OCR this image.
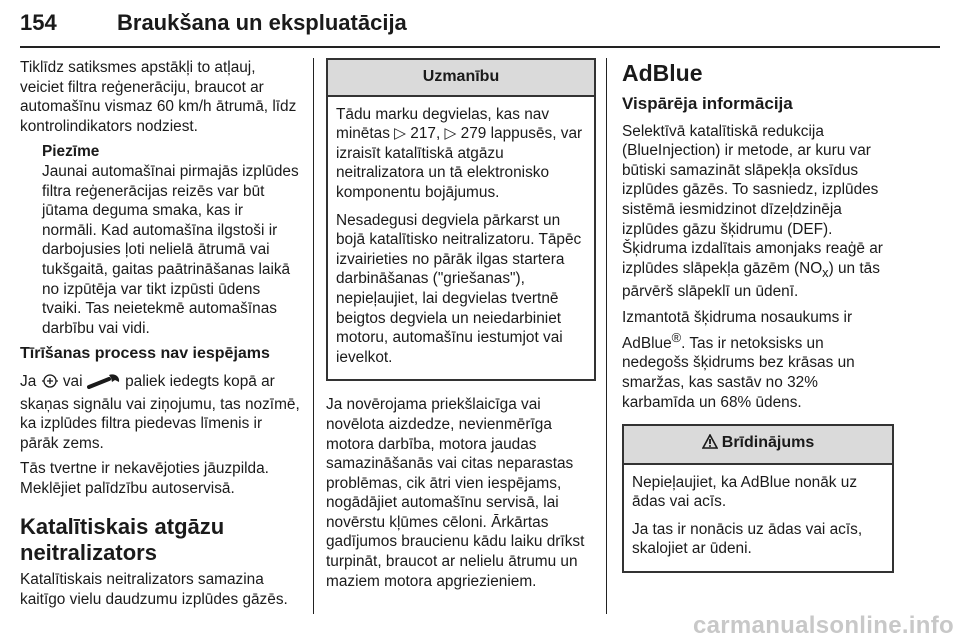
154	Braukšana un ekspluatācija

Tiklīdz satiksmes apstākļi to atļauj, veiciet filtra reģenerāciju, braucot ar automašīnu vismaz 60 km/h ātrumā, līdz kontrolindikators nodziest.

Piezīme

Jaunai automašīnai pirmajās izplūdes filtra reģenerācijas reizēs var būt jūtama deguma smaka, kas ir normāli. Kad automašīna ilgstoši ir darbojusies ļoti nelielā ātrumā vai tukšgaitā, gaitas paātrināšanas laikā no izpūtēja var tikt izpūsti ūdens tvaiki. Tas neietekmē automašīnas darbību vai vidi.

Tīrīšanas process nav iespējams

Ja vai	paliek iedegts kopā ar skaņas signālu vai ziņojumu, tas nozīmē, ka izplūdes filtra piedevas līmenis ir pārāk zems.

Tās tvertne ir nekavējoties jāuzpilda. Meklējiet palīdzību autoservisā.

Katalītiskais atgāzu neitralizators

Katalītiskais neitralizators samazina kaitīgo vielu daudzumu izplūdes gāzēs.

Uzmanību

Tādu marku degvielas, kas nav minētas ▷ 217, ▷ 279 lappusēs, var izraisīt katalītiskā atgāzu neitralizatora un tā elektronisko komponentu bojājumus.

Nesadegusi degviela pārkarst un bojā katalītisko neitralizatoru. Tāpēc izvairieties no pārāk ilgas startera darbināšanas ("griešanas"), nepieļaujiet, lai degvielas tvertnē beigtos degviela un neiedarbiniet motoru, automašīnu iestumjot vai ievelkot.

Ja novērojama priekšlaicīga vai novēlota aizdedze, nevienmērīga motora darbība, motora jaudas samazināšanās vai citas neparastas problēmas, cik ātri vien iespējams, nogādājiet automašīnu servisā, lai novērstu kļūmes cēloni. Ārkārtas gadījumos braucienu kādu laiku drīkst turpināt, braucot ar nelielu ātrumu un maziem motora apgriezieniem.

AdBlue
Vispārēja informācija

Selektīvā katalītiskā redukcija (BlueInjection) ir metode, ar kuru var būtiski samazināt slāpekļa oksīdus izplūdes gāzēs. To sasniedz, izplūdes sistēmā iesmidzinot dīzeļdzinēja izplūdes gāzu šķidrumu (DEF). Šķidruma izdalītais amonjaks reaģē ar izplūdes slāpekļa gāzēm $(NO_x)$ un tās pārvērš slāpeklī un ūdenī.

Izmantotā šķidruma nosaukums ir AdBlue®. Tas ir netoksisks un nedegošs šķidrums bez krāsas un smaržas, kas sastāv no 32% karbamīda un 68% ūdens.

Brīdinājums

Nepieļaujiet, ka AdBlue nonāk uz ādas vai acīs.

Ja tas ir nonācis uz ādas vai acīs, skalojiet ar ūdeni.

carmanualsonline.info
